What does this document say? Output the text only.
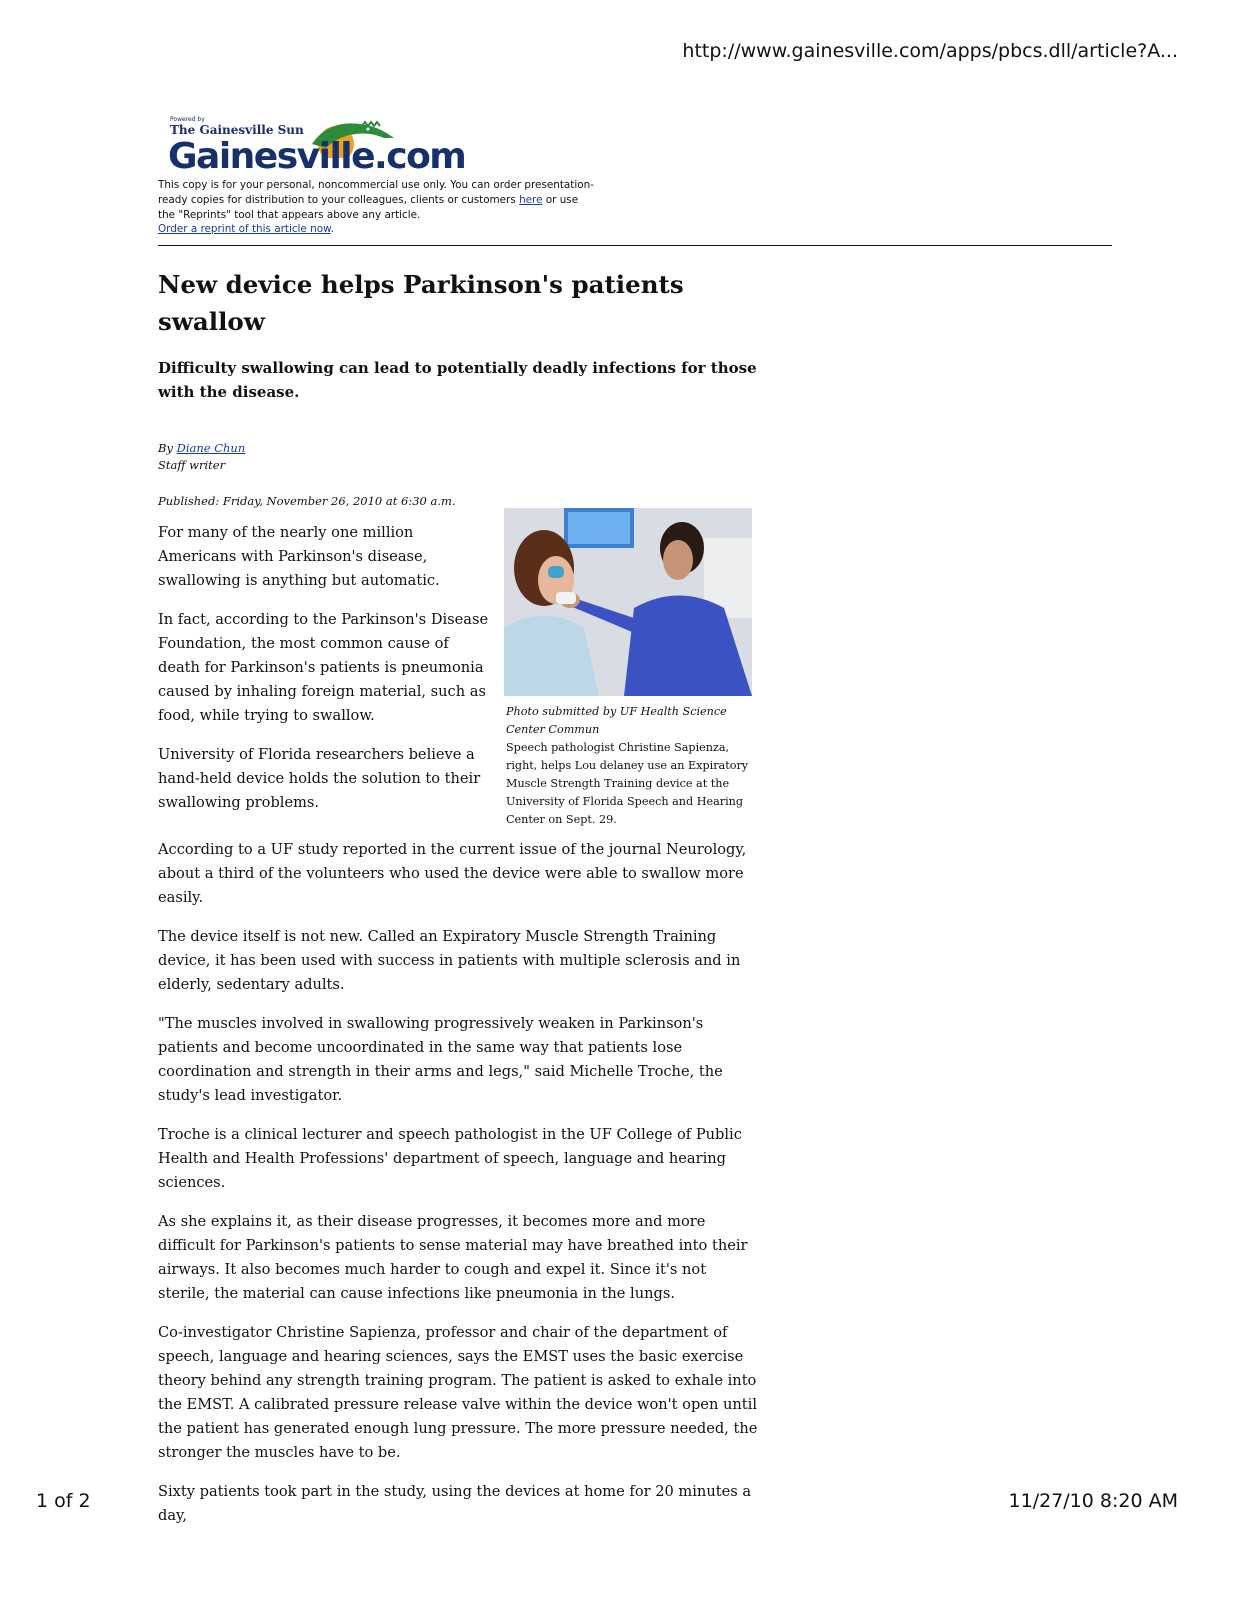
http://www.gainesville.com/apps/pbcs.dll/article?A...
Powered by
The Gainesville Sun
Gainesville.com
This copy is for your personal, noncommercial use only. You can order presentation-ready copies for distribution to your colleagues, clients or customers here or use the "Reprints" tool that appears above any article.
Order a reprint of this article now.
New device helps Parkinson's patients swallow

Difficulty swallowing can lead to potentially deadly infections for those with the disease.

By Diane Chun
Staff writer
Published: Friday, November 26, 2010 at 6:30 a.m.

For many of the nearly one million Americans with Parkinson's disease, swallowing is anything but automatic.

In fact, according to the Parkinson's Disease Foundation, the most common cause of death for Parkinson's patients is pneumonia caused by inhaling foreign material, such as food, while trying to swallow.

University of Florida researchers believe a hand-held device holds the solution to their swallowing problems.

Photo submitted by UF Health Science Center Commun
Speech pathologist Christine Sapienza, right, helps Lou delaney use an Expiratory Muscle Strength Training device at the University of Florida Speech and Hearing Center on Sept. 29.

According to a UF study reported in the current issue of the journal Neurology, about a third of the volunteers who used the device were able to swallow more easily.

The device itself is not new. Called an Expiratory Muscle Strength Training device, it has been used with success in patients with multiple sclerosis and in elderly, sedentary adults.

"The muscles involved in swallowing progressively weaken in Parkinson's patients and become uncoordinated in the same way that patients lose coordination and strength in their arms and legs," said Michelle Troche, the study's lead investigator.

Troche is a clinical lecturer and speech pathologist in the UF College of Public Health and Health Professions' department of speech, language and hearing sciences.

As she explains it, as their disease progresses, it becomes more and more difficult for Parkinson's patients to sense material may have breathed into their airways. It also becomes much harder to cough and expel it. Since it's not sterile, the material can cause infections like pneumonia in the lungs.

Co-investigator Christine Sapienza, professor and chair of the department of speech, language and hearing sciences, says the EMST uses the basic exercise theory behind any strength training program. The patient is asked to exhale into the EMST. A calibrated pressure release valve within the device won't open until the patient has generated enough lung pressure. The more pressure needed, the stronger the muscles have to be.

Sixty patients took part in the study, using the devices at home for 20 minutes a day,

1 of 2	11/27/10 8:20 AM
